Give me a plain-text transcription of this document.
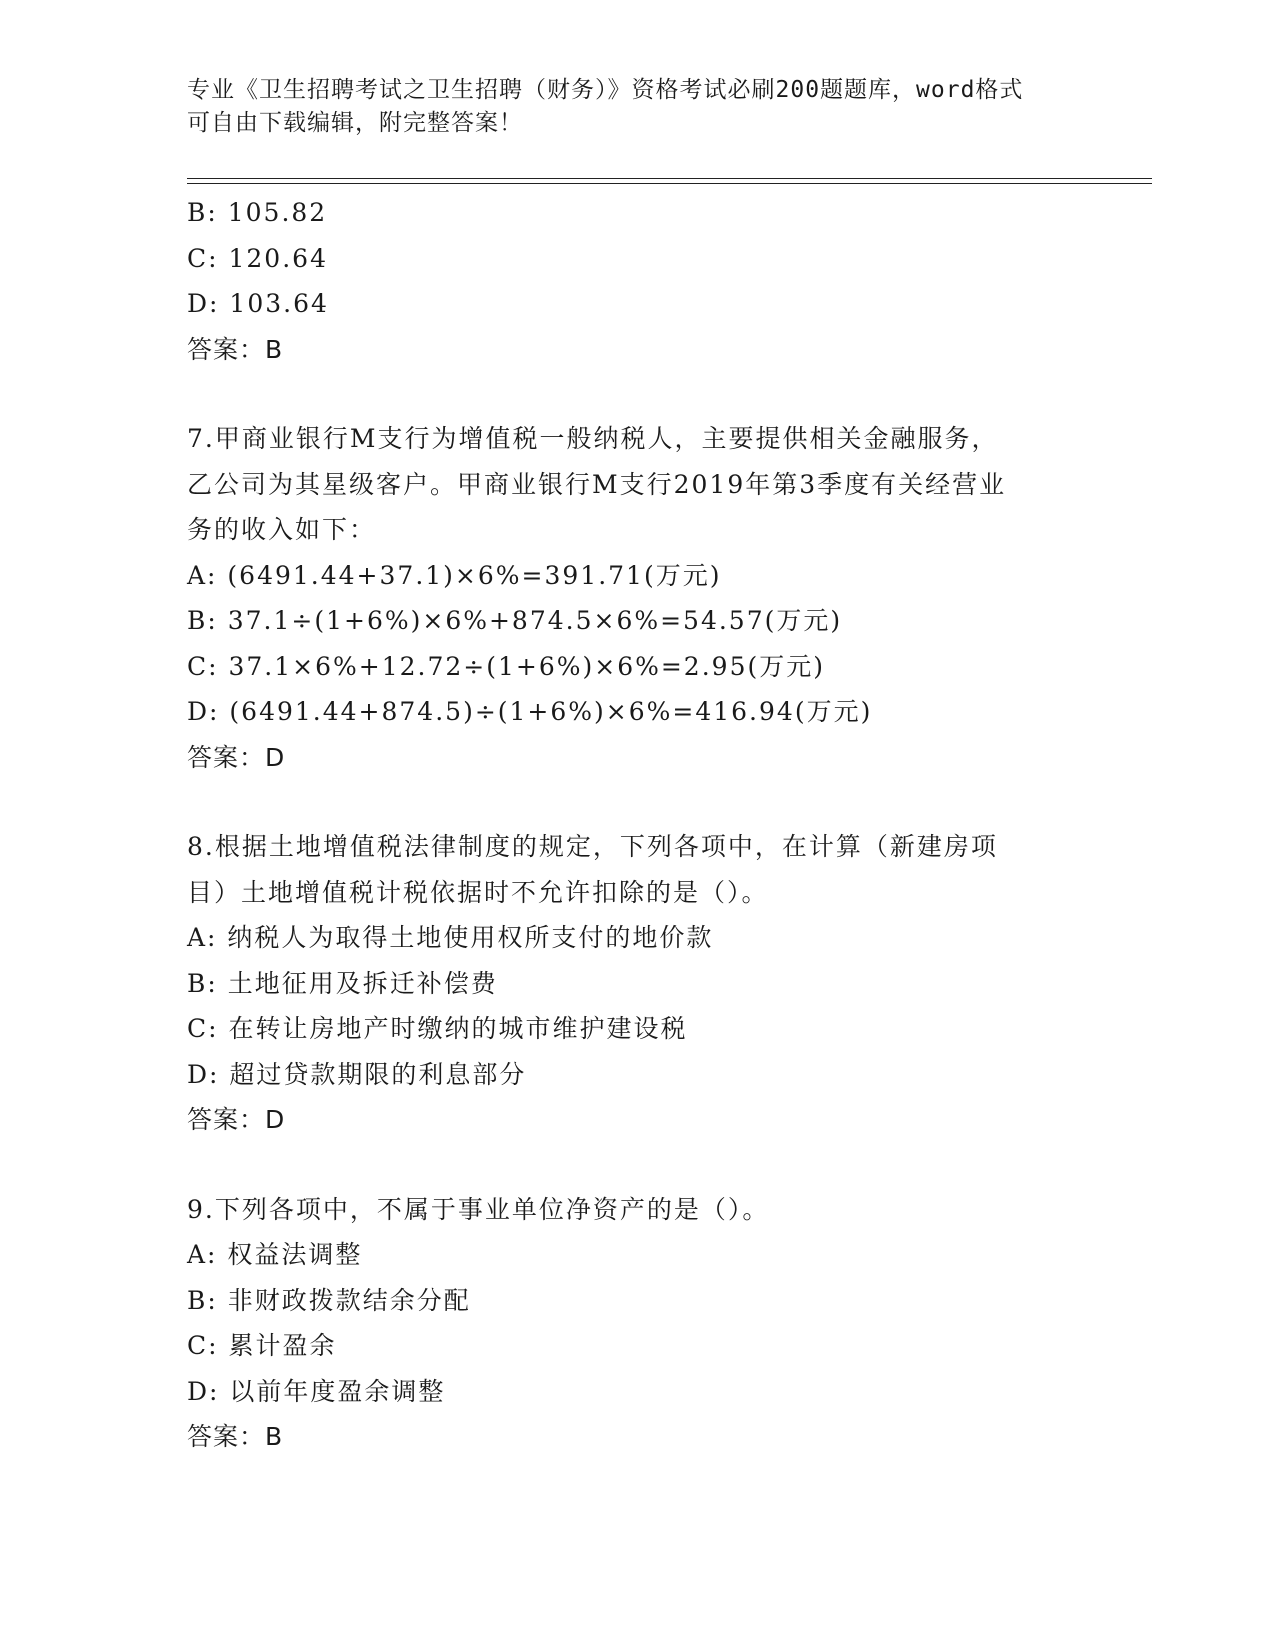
专业《卫生招聘考试之卫生招聘（财务）》资格考试必刷200题题库，word格式
可自由下载编辑，附完整答案！
B: 105.82
C: 120.64
D: 103.64
答案：B
7.甲商业银行M支行为增值税一般纳税人，主要提供相关金融服务，
乙公司为其星级客户。甲商业银行M支行2019年第3季度有关经营业
务的收入如下：
A: (6491.44+37.1)×6%=391.71(万元)
B: 37.1÷(1+6%)×6%+874.5×6%=54.57(万元)
C: 37.1×6%+12.72÷(1+6%)×6%=2.95(万元)
D: (6491.44+874.5)÷(1+6%)×6%=416.94(万元)
答案：D
8.根据土地增值税法律制度的规定，下列各项中，在计算（新建房项
目）土地增值税计税依据时不允许扣除的是（）。
A: 纳税人为取得土地使用权所支付的地价款
B: 土地征用及拆迁补偿费
C: 在转让房地产时缴纳的城市维护建设税
D: 超过贷款期限的利息部分
答案：D
9.下列各项中，不属于事业单位净资产的是（）。
A: 权益法调整
B: 非财政拨款结余分配
C: 累计盈余
D: 以前年度盈余调整
答案：B
